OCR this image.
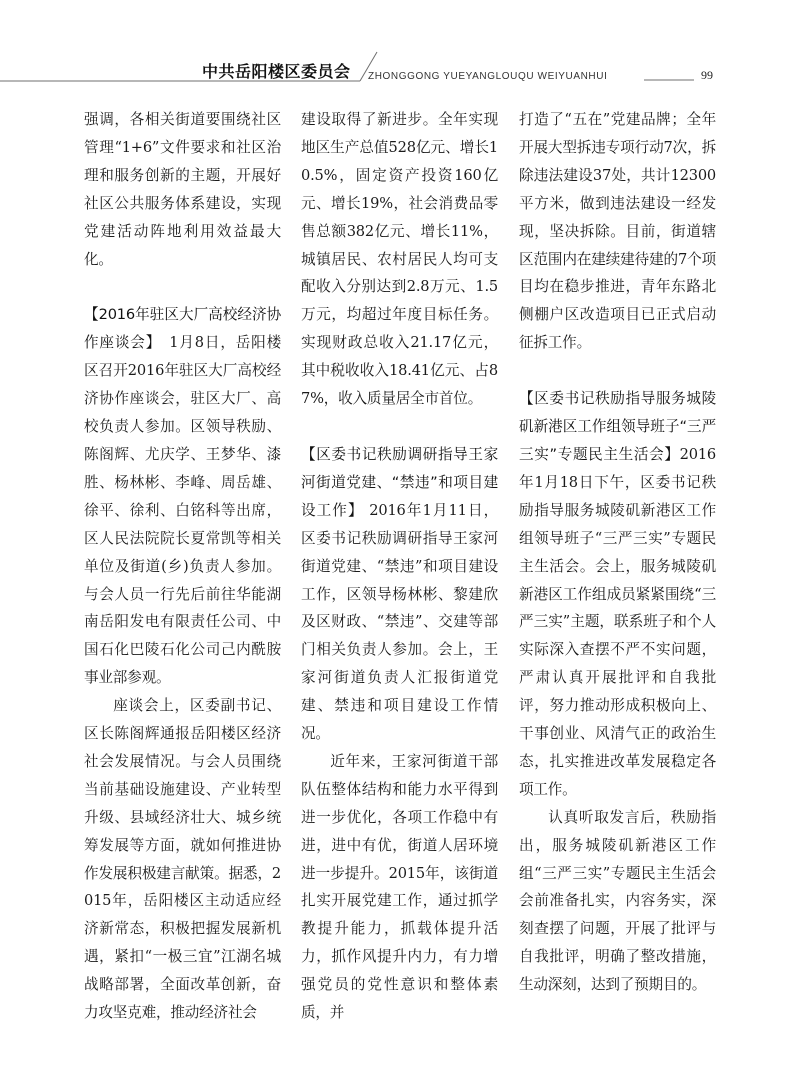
中共岳阳楼区委员会 ZHONGGONG YUEYANGLOUQU WEIYUANHUI	99

强调，各相关街道要围绕社区管理“1+6”文件要求和社区治理和服务创新的主题，开展好社区公共服务体系建设，实现党建活动阵地利用效益最大化。

【2016年驻区大厂高校经济协作座谈会】　 1月8日，岳阳楼区召开2016年驻区大厂高校经济协作座谈会，驻区大厂、高校负责人参加。区领导秩励、陈阁辉、尤庆学、王梦华、漆胜、杨林彬、李峰、周岳雄、徐平、徐利、白铭科等出席，区人民法院院长夏常凯等相关单位及街道(乡)负责人参加。与会人员一行先后前往华能湖南岳阳发电有限责任公司、中国石化巴陵石化公司己内酰胺事业部参观。

座谈会上，区委副书记、区长陈阁辉通报岳阳楼区经济社会发展情况。与会人员围绕当前基础设施建设、产业转型升级、县域经济壮大、城乡统筹发展等方面，就如何推进协作发展积极建言献策。据悉，2015年，岳阳楼区主动适应经济新常态，积极把握发展新机遇，紧扣“一极三宜”江湖名城战略部署，全面改革创新，奋力攻坚克难，推动经济社会

建设取得了新进步。全年实现地区生产总值528亿元、增长10.5%，固定资产投资160亿元、增长19%，社会消费品零售总额382亿元、增长11%，城镇居民、农村居民人均可支配收入分别达到2.8万元、1.5万元，均超过年度目标任务。实现财政总收入21.17亿元，其中税收收入18.41亿元、占87%，收入质量居全市首位。

【区委书记秩励调研指导王家河街道党建、“禁违”和项目建设工作】 2016年1月11日，区委书记秩励调研指导王家河街道党建、“禁违”和项目建设工作，区领导杨林彬、黎建欣及区财政、“禁违”、交建等部门相关负责人参加。会上，王家河街道负责人汇报街道党建、禁违和项目建设工作情况。

近年来，王家河街道干部队伍整体结构和能力水平得到进一步优化，各项工作稳中有进，进中有优，街道人居环境进一步提升。2015年，该街道扎实开展党建工作，通过抓学教提升能力，抓载体提升活力，抓作风提升内力，有力增强党员的党性意识和整体素质，并

打造了“五在”党建品牌；全年开展大型拆违专项行动7次，拆除违法建设37处，共计12300平方米，做到违法建设一经发现，坚决拆除。目前，街道辖区范围内在建续建待建的7个项目均在稳步推进，青年东路北侧棚户区改造项目已正式启动征拆工作。

【区委书记秩励指导服务城陵矶新港区工作组领导班子“三严三实”专题民主生活会】2016年1月18日下午，区委书记秩励指导服务城陵矶新港区工作组领导班子“三严三实”专题民主生活会。会上，服务城陵矶新港区工作组成员紧紧围绕“三严三实”主题，联系班子和个人实际深入查摆不严不实问题，严肃认真开展批评和自我批评，努力推动形成积极向上、干事创业、风清气正的政治生态，扎实推进改革发展稳定各项工作。

认真听取发言后，秩励指出，服务城陵矶新港区工作组“三严三实”专题民主生活会会前准备扎实，内容务实，深刻查摆了问题，开展了批评与自我批评，明确了整改措施，生动深刻，达到了预期目的。
